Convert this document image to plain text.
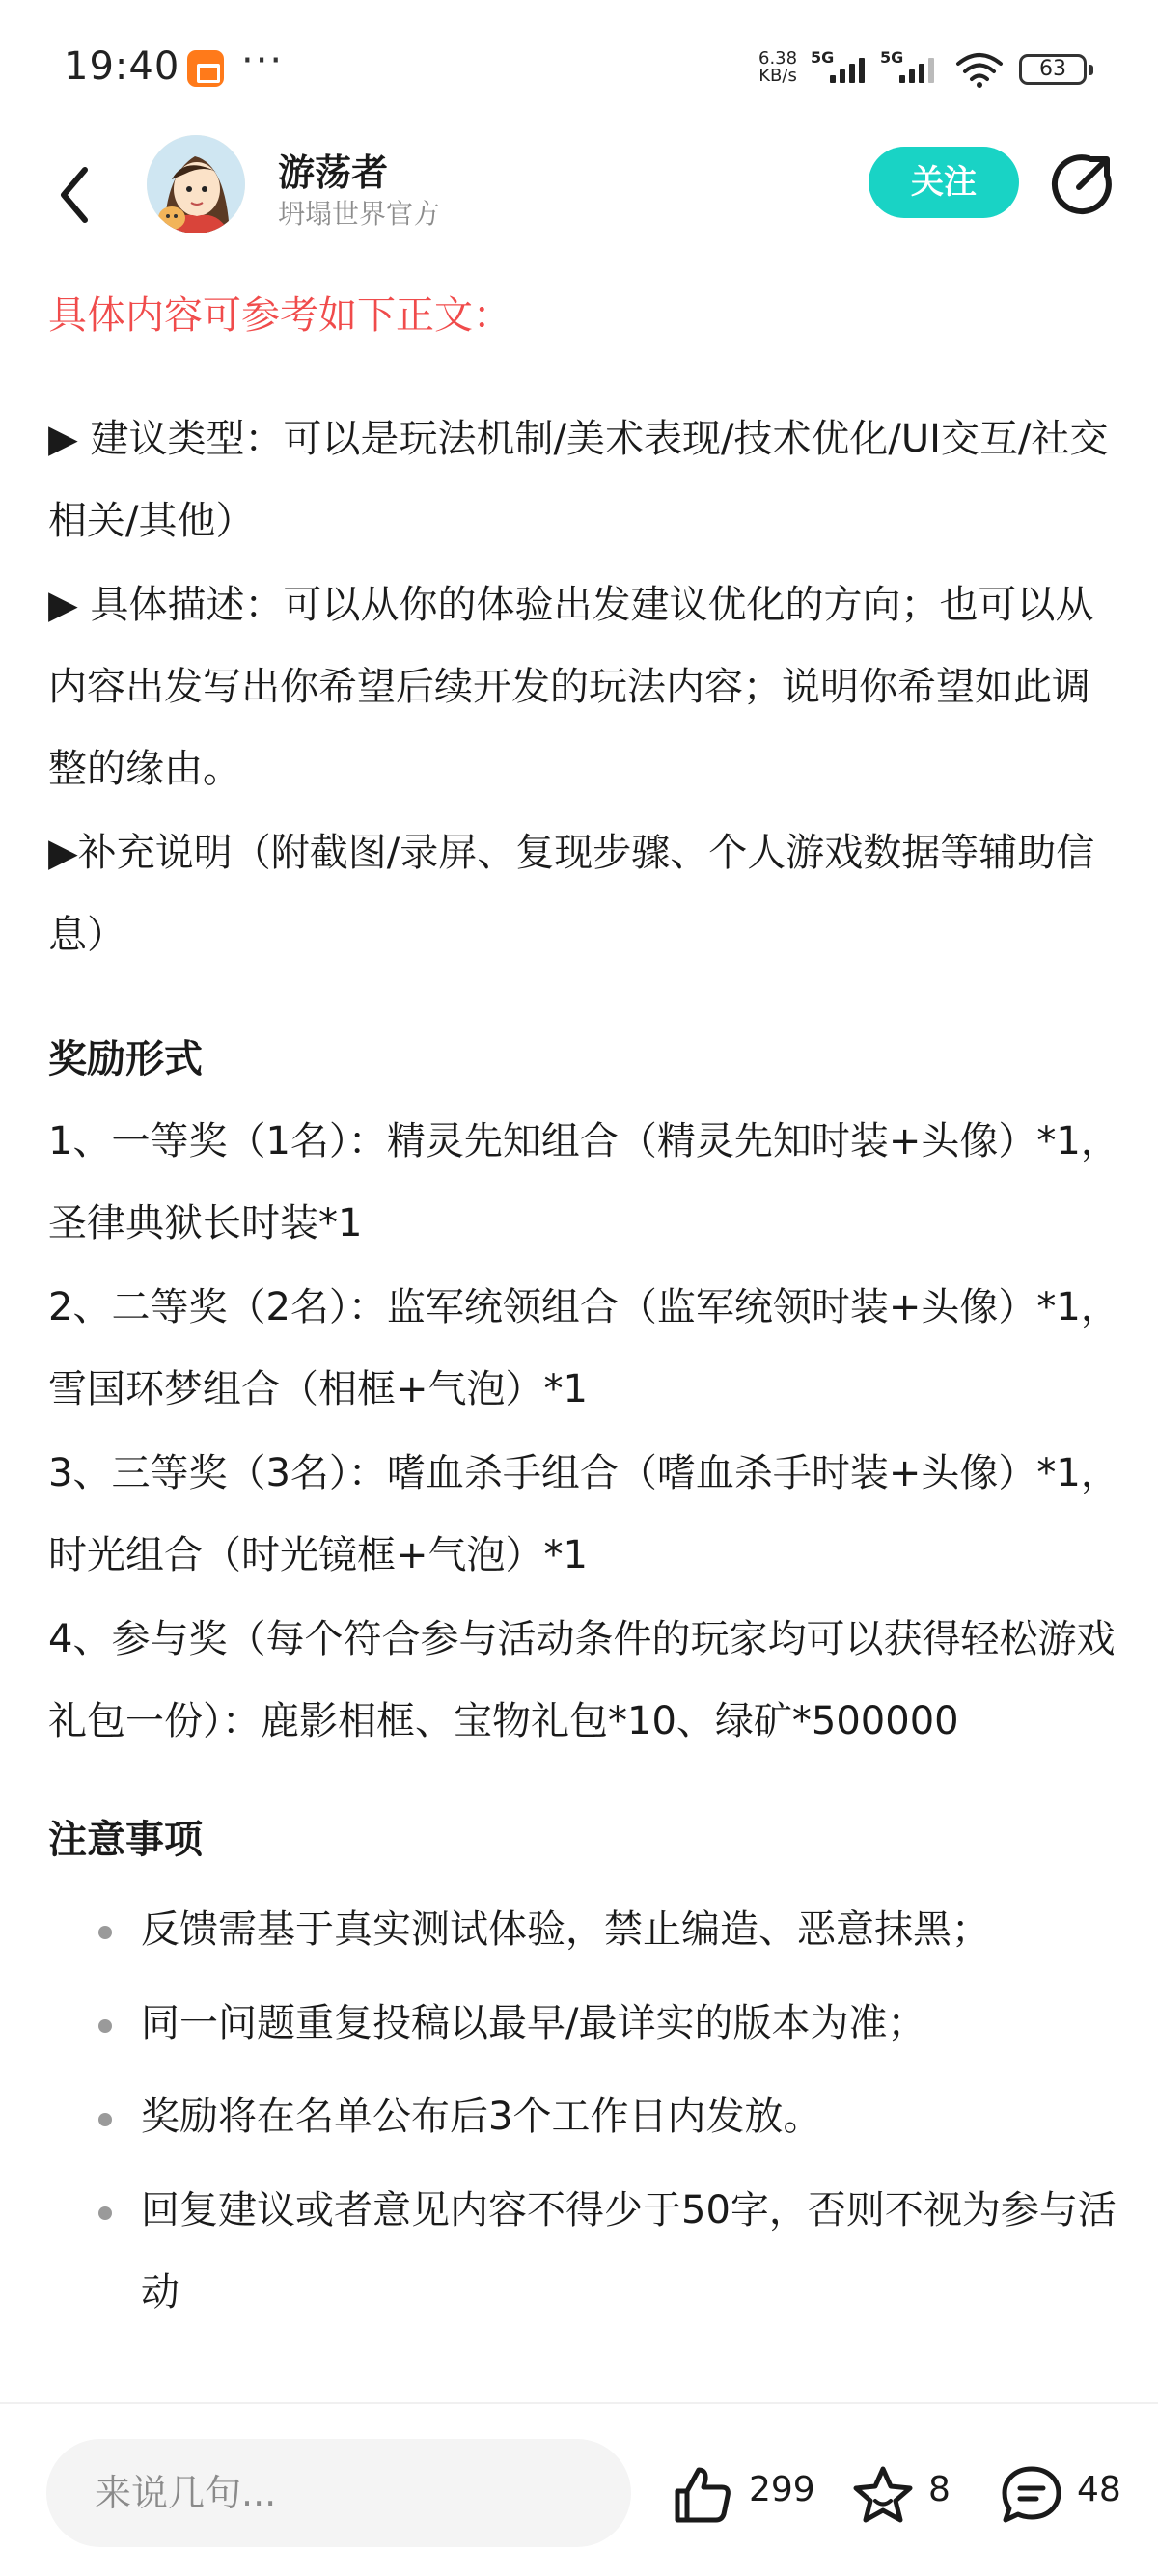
19:40 ···	6.38
KB/s
5G	5G	63
游荡者
坍塌世界官方
关注
具体内容可参考如下正文：
▶ 建议类型：可以是玩法机制/美术表现/技术优化/UI交互/社交相关/其他）
▶ 具体描述：可以从你的体验出发建议优化的方向；也可以从内容出发写出你希望后续开发的玩法内容；说明你希望如此调整的缘由。
▶补充说明（附截图/录屏、复现步骤、个人游戏数据等辅助信息）
奖励形式
1、一等奖（1名）：精灵先知组合（精灵先知时装+头像）*1，圣律典狱长时装*1
2、二等奖（2名）：监军统领组合（监军统领时装+头像）*1，雪国环梦组合（相框+气泡）*1
3、三等奖（3名）：嗜血杀手组合（嗜血杀手时装+头像）*1，时光组合（时光镜框+气泡）*1
4、参与奖（每个符合参与活动条件的玩家均可以获得轻松游戏礼包一份）：鹿影相框、宝物礼包*10、绿矿*500000
注意事项
反馈需基于真实测试体验，禁止编造、恶意抹黑；
同一问题重复投稿以最早/最详实的版本为准；
奖励将在名单公布后3个工作日内发放。
回复建议或者意见内容不得少于50字，否则不视为参与活动
来说几句...
299	8	48
